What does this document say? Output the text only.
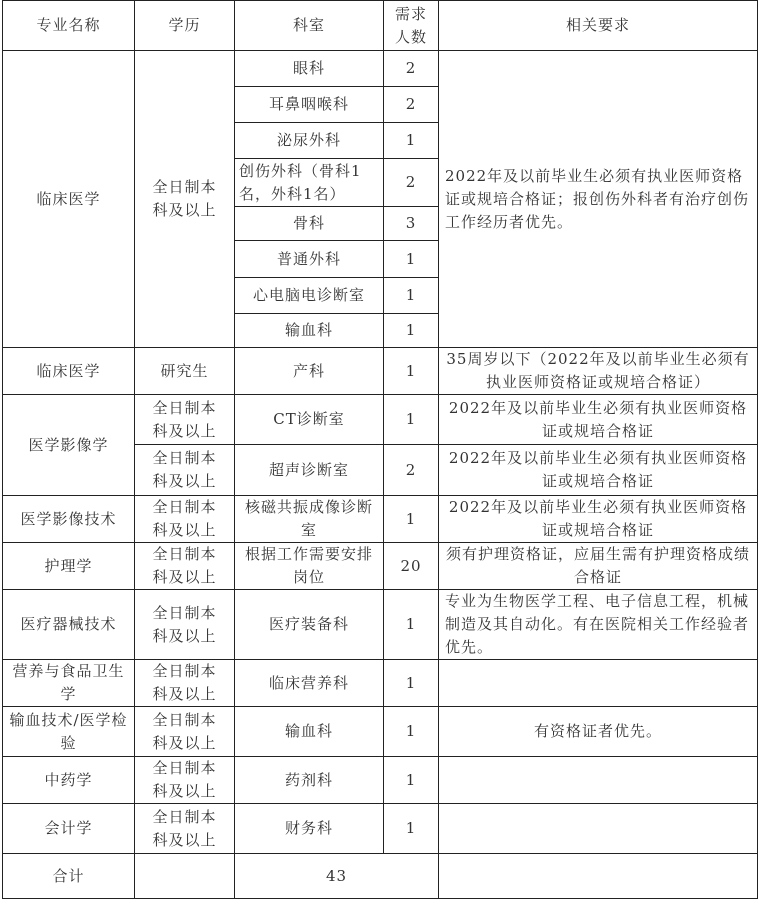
专业名称	学历	科室	需求人数	相关要求
临床医学	全日制本科及以上	眼科	2	2022年及以前毕业生必须有执业医师资格证或规培合格证；报创伤外科者有治疗创伤工作经历者优先。
		耳鼻咽喉科	2	
		泌尿外科	1	
		创伤外科（骨科1名，外科1名）	2	
		骨科	3	
		普通外科	1	
		心电脑电诊断室	1	
		输血科	1	
临床医学	研究生	产科	1	35周岁以下（2022年及以前毕业生必须有执业医师资格证或规培合格证）
医学影像学	全日制本科及以上	CT诊断室	1	2022年及以前毕业生必须有执业医师资格证或规培合格证
	全日制本科及以上	超声诊断室	2	2022年及以前毕业生必须有执业医师资格证或规培合格证
医学影像技术	全日制本科及以上	核磁共振成像诊断室	1	2022年及以前毕业生必须有执业医师资格证或规培合格证
护理学	全日制本科及以上	根据工作需要安排岗位	20	须有护理资格证，应届生需有护理资格成绩合格证
医疗器械技术	全日制本科及以上	医疗装备科	1	专业为生物医学工程、电子信息工程，机械制造及其自动化。有在医院相关工作经验者优先。
营养与食品卫生学	全日制本科及以上	临床营养科	1	
输血技术/医学检验	全日制本科及以上	输血科	1	有资格证者优先。
中药学	全日制本科及以上	药剂科	1	
会计学	全日制本科及以上	财务科	1	
合计		43		
